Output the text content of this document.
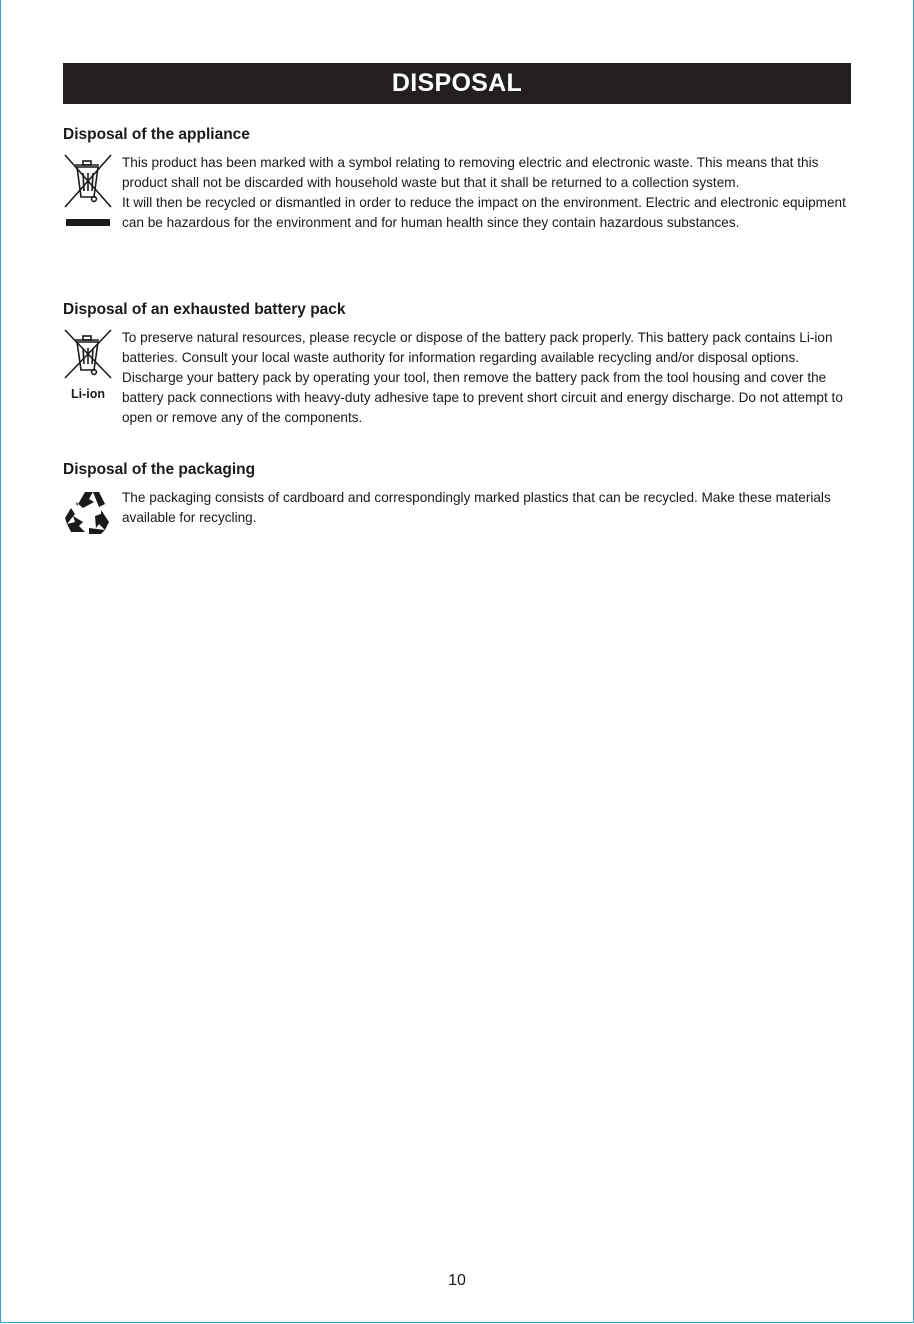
DISPOSAL
Disposal of the appliance

This product has been marked with a symbol relating to removing electric and electronic waste. This means that this product shall not be discarded with household waste but that it shall be returned to a collection system.

It will then be recycled or dismantled in order to reduce the impact on the environment. Electric and electronic equipment can be hazardous for the environment and for human health since they contain hazardous substances.

Disposal of an exhausted battery pack
Li-ion

To preserve natural resources, please recycle or dispose of the battery pack properly. This battery pack contains Li-ion batteries. Consult your local waste authority for information regarding available recycling and/or disposal options. Discharge your battery pack by operating your tool, then remove the battery pack from the tool housing and cover the battery pack connections with heavy-duty adhesive tape to prevent short circuit and energy discharge. Do not attempt to open or remove any of the components.

Disposal of the packaging

The packaging consists of cardboard and correspondingly marked plastics that can be recycled. Make these materials available for recycling.

10
